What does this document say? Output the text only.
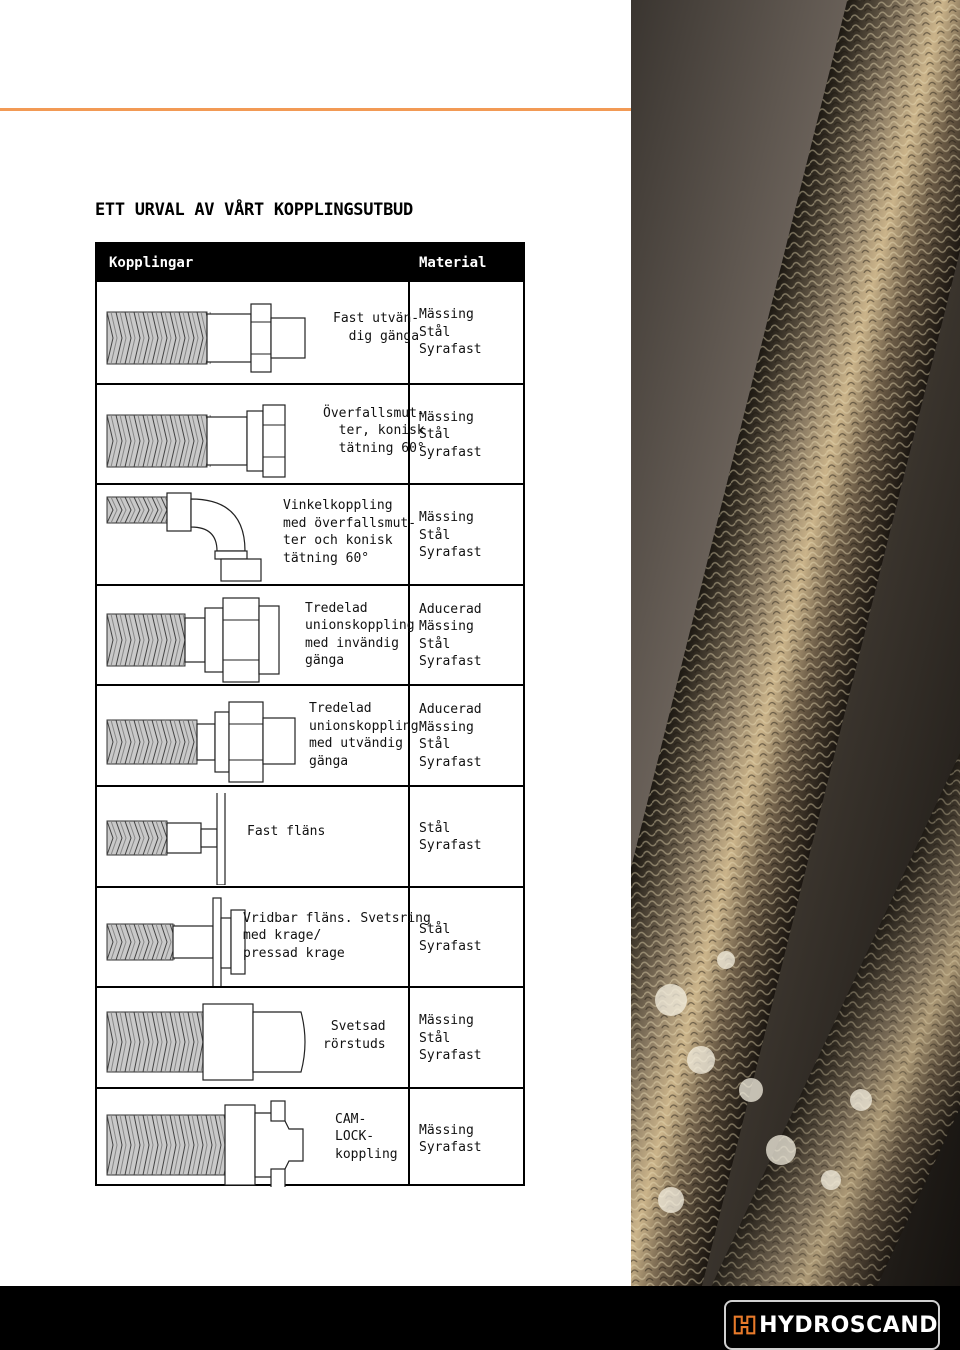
ETT URVAL AV VÅRT KOPPLINGSUTBUD
Kopplingar	Material
Fast utvän-
dig gänga
Mässing
Stål
Syrafast
Överfallsmut-
ter, konisk
tätning 60°
Mässing
Stål
Syrafast
Vinkelkoppling
med överfallsmut-
ter och konisk
tätning 60°
Mässing
Stål
Syrafast
Tredelad
unionskoppling
med invändig
gänga
Aducerad
Mässing
Stål
Syrafast
Tredelad
unionskoppling
med utvändig
gänga
Aducerad
Mässing
Stål
Syrafast
Fast fläns	Stål
Syrafast
Vridbar fläns. Svetsring
med krage/
pressad krage
Stål
Syrafast
Svetsad
rörstuds
Mässing
Stål
Syrafast
CAM-
LOCK-
koppling
Mässing
Syrafast
HYDROSCAND
